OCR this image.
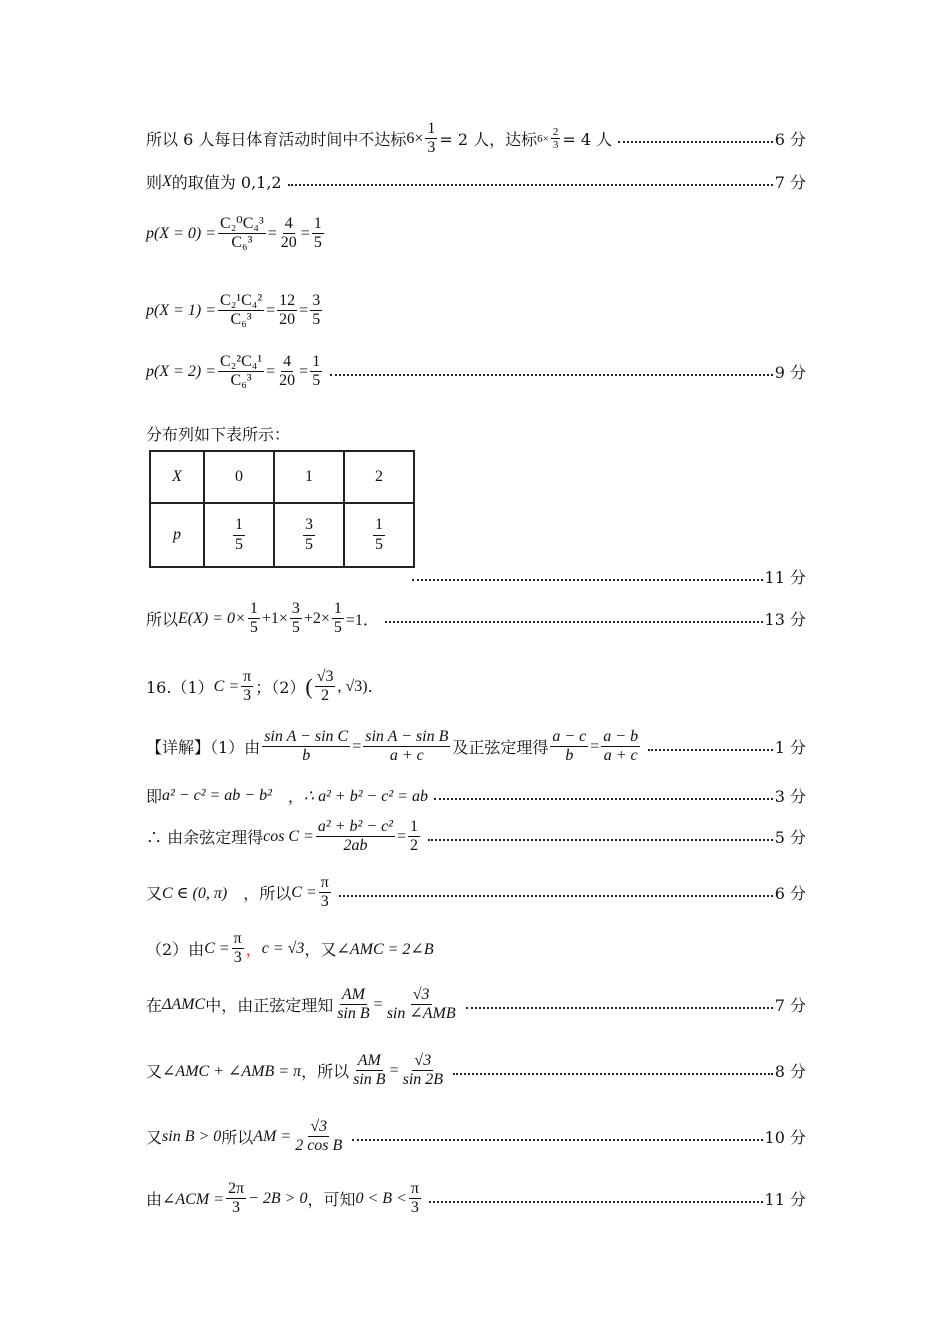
所以 6 人每日体育活动时间中不达标 $6\times \frac{1}{3} = 2$ 人，达标 $6\times \frac{2}{3} = 4$ 人	6 分
则 X 的取值为 0,1,2	7 分
$p(X = 0) = \frac{\text{C₂⁰C₄³}}{\text{C₆³}} = \frac{4}{20} = \frac{1}{5}$
$p(X = 1) = \frac{\text{C₂¹C₄²}}{\text{C₆³}} = \frac{12}{20} = \frac{3}{5}$
$p(X = 2) = \frac{\text{C₂²C₄¹}}{\text{C₆³}} = \frac{4}{20} = \frac{1}{5}$	9 分
分布列如下表所示：
X	0	1	2
p	$\frac{1}{5}$	$\frac{3}{5}$	$\frac{1}{5}$
11 分
所以 $E(X) = 0\times \frac{1}{5} +1\times \frac{3}{5} +2\times \frac{1}{5} =1$．	13 分
16.（1） $C = \frac{\pi}{3}$ ；（2） ( $\frac{√3}{2}$ , √3) .
【详解】（1）由 $\frac{\text{sin A − sin C}}{b} = \frac{\text{sin A − sin B}}{a + c}$ 及正弦定理得 $\frac{a - c}{b} = \frac{a - b}{a + c}$	1 分
即 a² − c² = ab − b² 　， ∴ a² + b² − c² = ab	3 分
∴ 由余弦定理得 $\cos C = \frac{\text{a² + b² − c²}}{2ab} = \frac{1}{2}$	5 分
又 C ∈ (0, π) 　，所以 $C = \frac{\pi}{3}$	6 分
（2）由 $C = \frac{\pi}{3}$ ， c = √3 ，又 ∠AMC = 2∠B
在 ΔAMC 中，由正弦定理知 $\frac{AM}{\text{sin B}} = \frac{√3}{\text{sin ∠AMB}}$	7 分
又 ∠AMC + ∠AMB = π ，所以 $\frac{AM}{\text{sin B}} = \frac{√3}{\sin 2B}$	8 分
又 sin B > 0 所以 AM = $\frac{√3}{\text{2 cos B}}$	10 分
由 ∠ACM = $\frac{2\pi}{3} - 2B > 0$ ，可知 $0 < B < \frac{\pi}{3}$	11 分
